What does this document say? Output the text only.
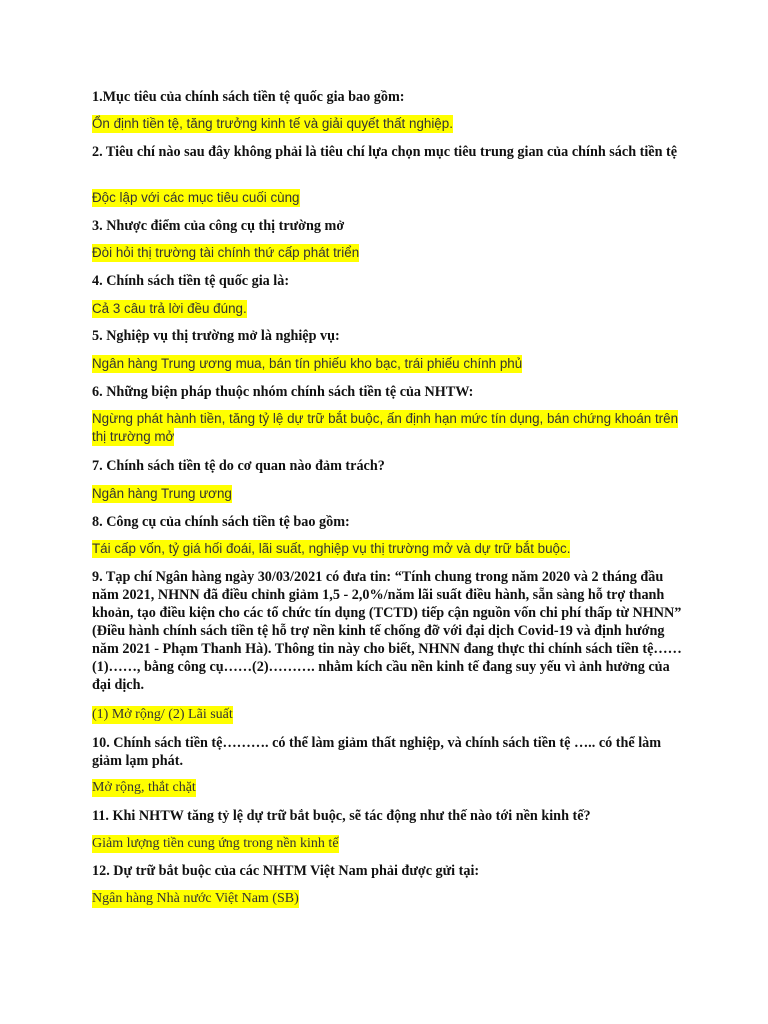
1.Mục tiêu của chính sách tiền tệ quốc gia bao gồm:

Ổn định tiền tệ, tăng trưởng kinh tế và giải quyết thất nghiệp.

2. Tiêu chí nào sau đây không phải là tiêu chí lựa chọn mục tiêu trung gian của chính sách tiền tệ

Độc lập với các mục tiêu cuối cùng

3. Nhược điểm của công cụ thị trường mở

Đòi hỏi thị trường tài chính thứ cấp phát triển

4. Chính sách tiền tệ quốc gia là:

Cả 3 câu trả lời đều đúng.

5. Nghiệp vụ thị trường mở là nghiệp vụ:

Ngân hàng Trung ương mua, bán tín phiếu kho bạc, trái phiếu chính phủ

6. Những biện pháp thuộc nhóm chính sách tiền tệ của NHTW:

Ngừng phát hành tiền, tăng tỷ lệ dự trữ bắt buộc, ấn định hạn mức tín dụng, bán chứng khoán trên thị trường mở

7. Chính sách tiền tệ do cơ quan nào đảm trách?

Ngân hàng Trung ương

8. Công cụ của chính sách tiền tệ bao gồm:

Tái cấp vốn, tỷ giá hối đoái, lãi suất, nghiệp vụ thị trường mở và dự trữ bắt buộc.

9. Tạp chí Ngân hàng ngày 30/03/2021 có đưa tin: “Tính chung trong năm 2020 và 2 tháng đầu năm 2021, NHNN đã điều chỉnh giảm 1,5 - 2,0%/năm lãi suất điều hành, sẵn sàng hỗ trợ thanh khoản, tạo điều kiện cho các tổ chức tín dụng (TCTD) tiếp cận nguồn vốn chi phí thấp từ NHNN” (Điều hành chính sách tiền tệ hỗ trợ nền kinh tế chống đỡ với đại dịch Covid-19 và định hướng năm 2021 - Phạm Thanh Hà). Thông tin này cho biết, NHNN đang thực thi chính sách tiền tệ……(1)……, bằng công cụ……(2)………. nhằm kích cầu nền kinh tế đang suy yếu vì ảnh hưởng của đại dịch.

(1) Mở rộng/ (2) Lãi suất

10. Chính sách tiền tệ………. có thể làm giảm thất nghiệp, và chính sách tiền tệ ….. có thể làm giảm lạm phát.

Mở rộng, thắt chặt

11. Khi NHTW tăng tỷ lệ dự trữ bắt buộc, sẽ tác động như thế nào tới nền kinh tế?

Giảm lượng tiền cung ứng trong nền kinh tế

12. Dự trữ bắt buộc của các NHTM Việt Nam phải được gửi tại:

Ngân hàng Nhà nước Việt Nam (SB)
